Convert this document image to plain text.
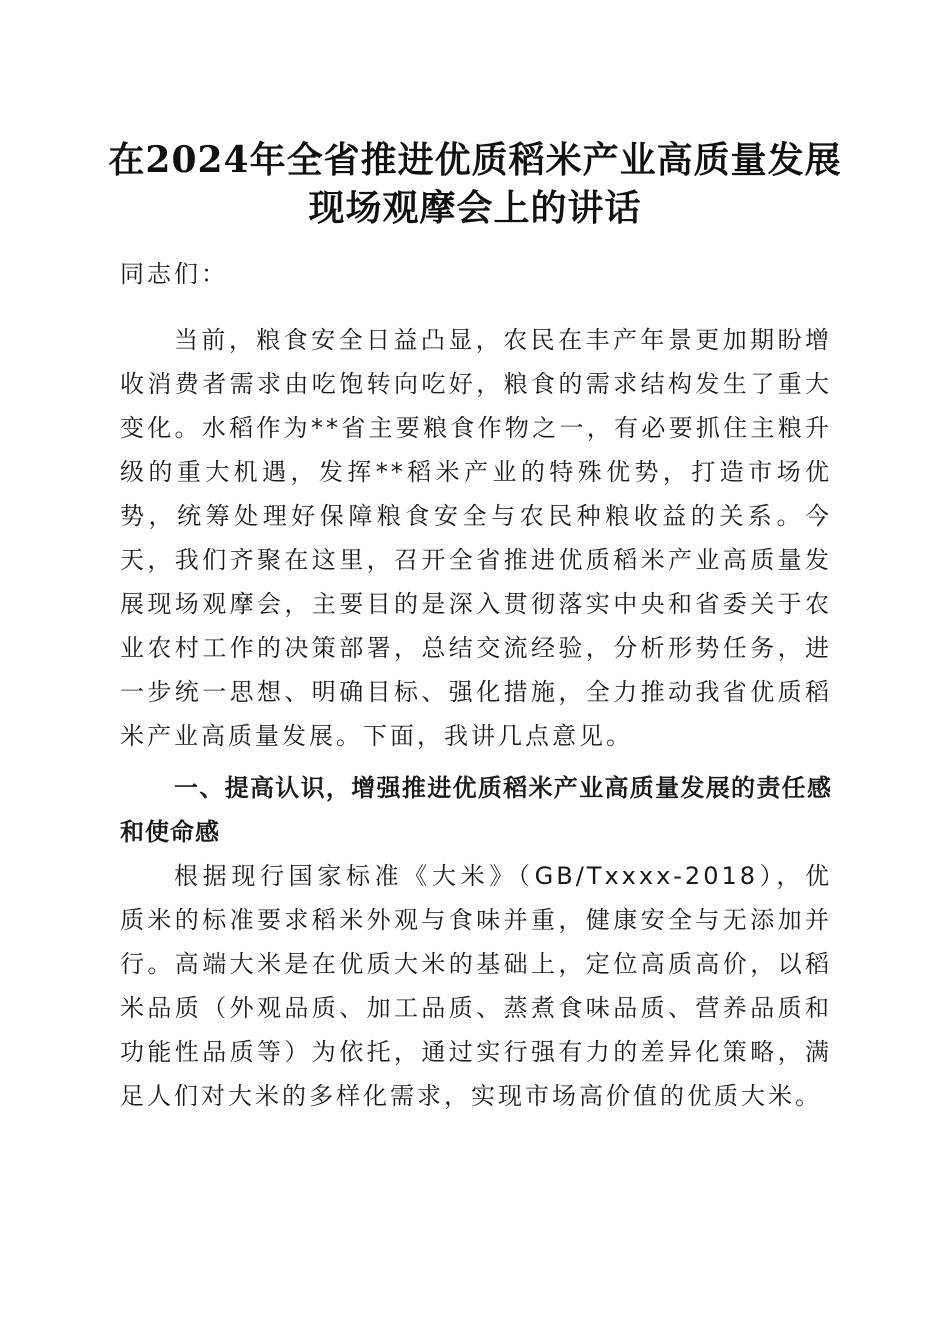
在2024年全省推进优质稻米产业高质量发展
现场观摩会上的讲话

同志们：

当前，粮食安全日益凸显，农民在丰产年景更加期盼增收消费者需求由吃饱转向吃好，粮食的需求结构发生了重大变化。水稻作为**省主要粮食作物之一，有必要抓住主粮升级的重大机遇，发挥**稻米产业的特殊优势，打造市场优势，统筹处理好保障粮食安全与农民种粮收益的关系。今天，我们齐聚在这里，召开全省推进优质稻米产业高质量发展现场观摩会，主要目的是深入贯彻落实中央和省委关于农业农村工作的决策部署，总结交流经验，分析形势任务，进一步统一思想、明确目标、强化措施，全力推动我省优质稻米产业高质量发展。下面，我讲几点意见。

一、提高认识，增强推进优质稻米产业高质量发展的责任感和使命感

根据现行国家标准《大米》（GB/Txxxx-2018），优质米的标准要求稻米外观与食味并重，健康安全与无添加并行。高端大米是在优质大米的基础上，定位高质高价，以稻米品质（外观品质、加工品质、蒸煮食味品质、营养品质和功能性品质等）为依托，通过实行强有力的差异化策略，满足人们对大米的多样化需求，实现市场高价值的优质大米。
